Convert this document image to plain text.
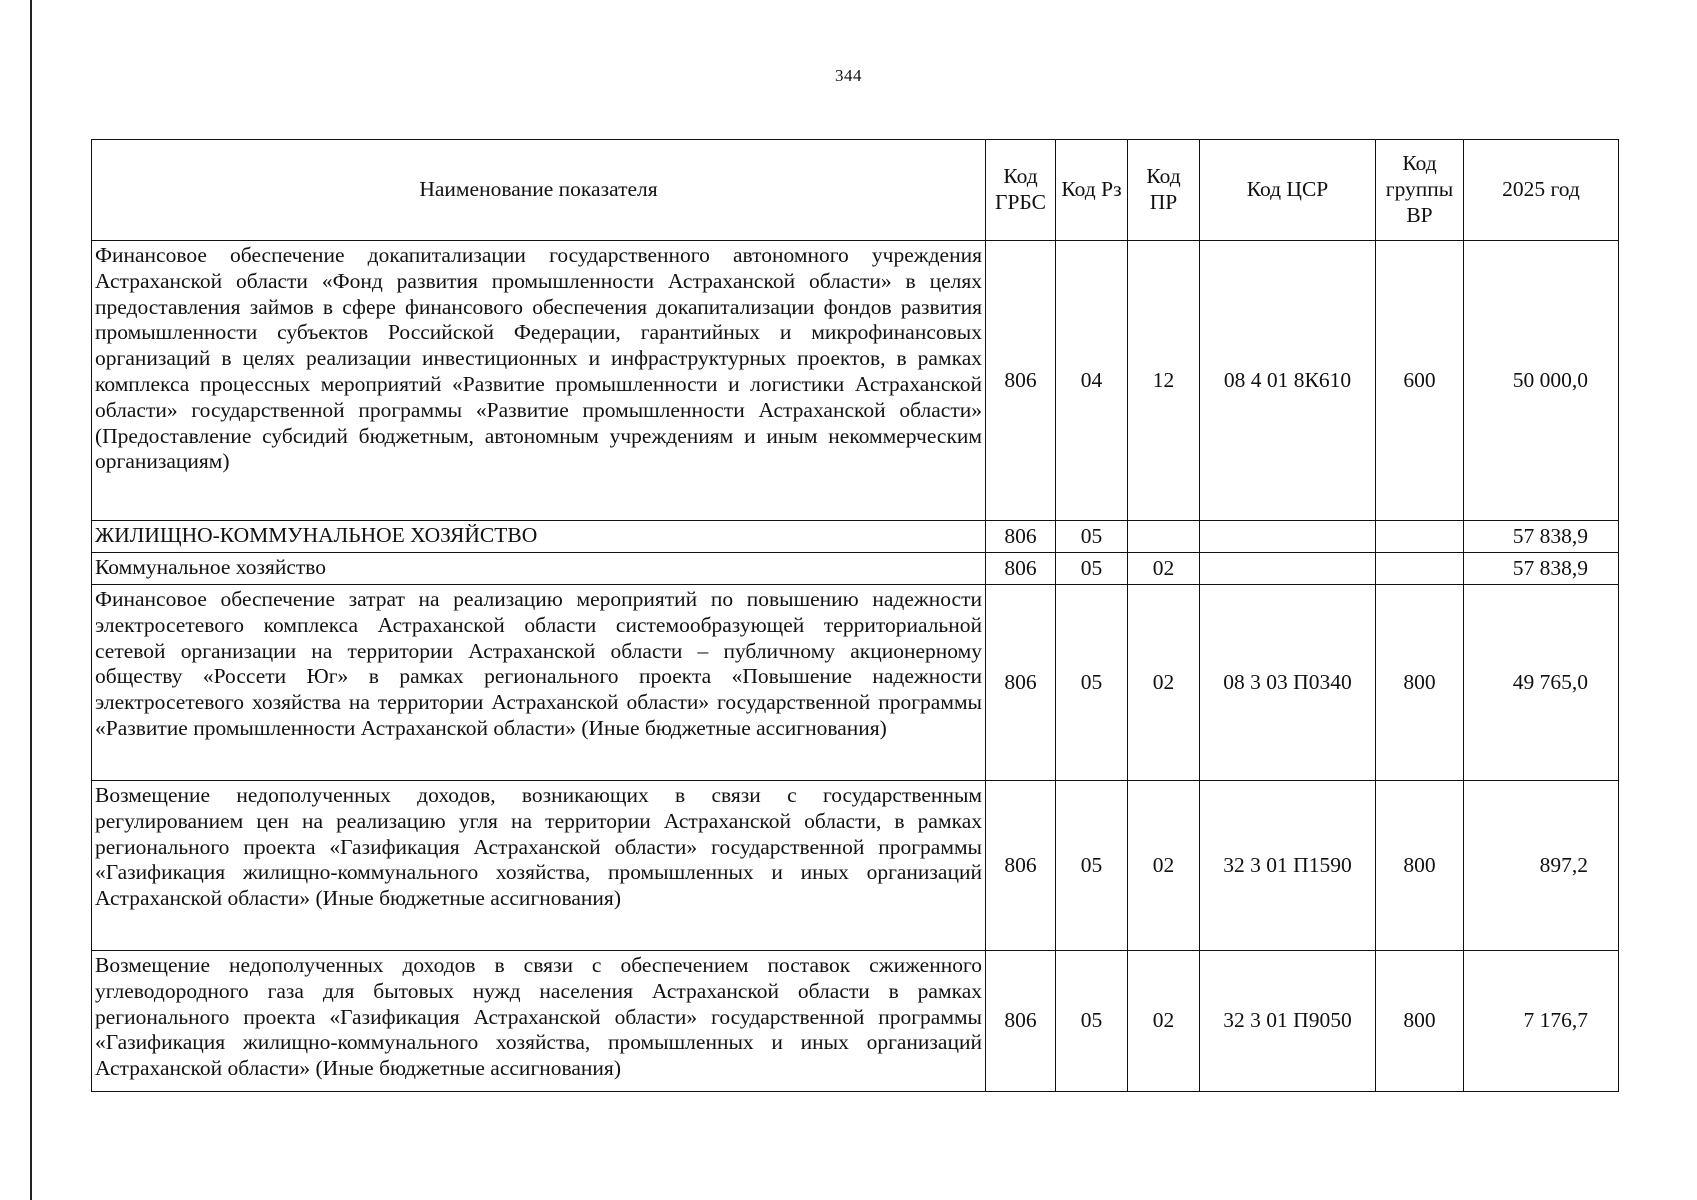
344
Наименование показателя	Код ГРБС	Код Рз	Код ПР	Код ЦСР	Код группы ВР	2025 год
Финансовое обеспечение докапитализации государственного автономного учреждения Астраханской области «Фонд развития промышленности Астраханской области» в целях предоставления займов в сфере финансового обеспечения докапитализации фондов развития промышленности субъектов Российской Федерации, гарантийных и микрофинансовых организаций в целях реализации инвестиционных и инфраструктурных проектов, в рамках комплекса процессных мероприятий «Развитие промышленности и логистики Астраханской области» государственной программы «Развитие промышленности Астраханской области» (Предоставление субсидий бюджетным, автономным учреждениям и иным некоммерческим организациям)	806	04	12	08 4 01 8К610	600	50 000,0
ЖИЛИЩНО-КОММУНАЛЬНОЕ ХОЗЯЙСТВО	806	05				57 838,9
Коммунальное хозяйство	806	05	02			57 838,9
Финансовое обеспечение затрат на реализацию мероприятий по повышению надежности электросетевого комплекса Астраханской области системообразующей территориальной сетевой организации на территории Астраханской области – публичному акционерному обществу «Россети Юг» в рамках регионального проекта «Повышение надежности электросетевого хозяйства на территории Астраханской области» государственной программы «Развитие промышленности Астраханской области» (Иные бюджетные ассигнования)	806	05	02	08 3 03 П0340	800	49 765,0
Возмещение недополученных доходов, возникающих в связи с государственным регулированием цен на реализацию угля на территории Астраханской области, в рамках регионального проекта «Газификация Астраханской области» государственной программы «Газификация жилищно-коммунального хозяйства, промышленных и иных организаций Астраханской области» (Иные бюджетные ассигнования)	806	05	02	32 3 01 П1590	800	897,2
Возмещение недополученных доходов в связи с обеспечением поставок сжиженного углеводородного газа для бытовых нужд населения Астраханской области в рамках регионального проекта «Газификация Астраханской области» государственной программы «Газификация жилищно-коммунального хозяйства, промышленных и иных организаций Астраханской области» (Иные бюджетные ассигнования)	806	05	02	32 3 01 П9050	800	7 176,7
